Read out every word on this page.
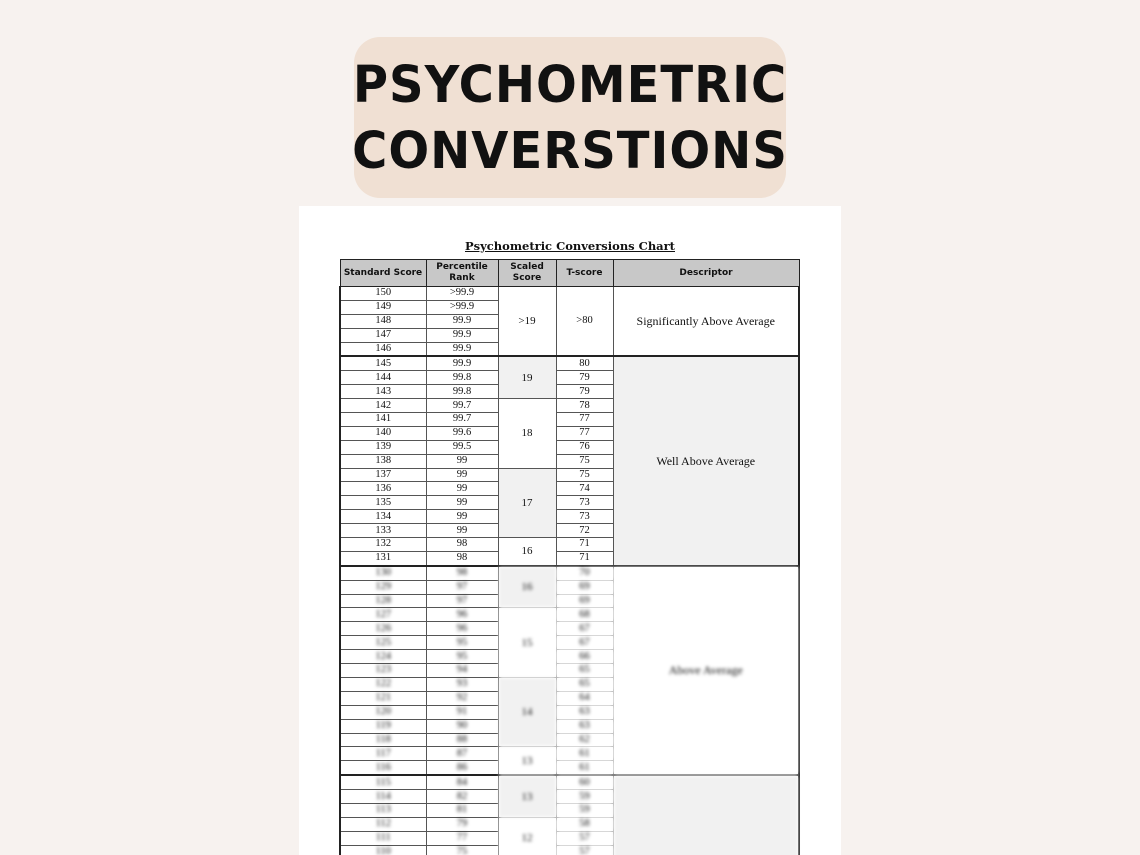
PSYCHOMETRIC
CONVERSTIONS
Psychometric Conversions Chart
Standard Score	Percentile Rank	Scaled Score	T-score	Descriptor
150	>99.9	>19	>80	Significantly Above Average
149	>99.9			
148	99.9			
147	99.9			
146	99.9			
145	99.9	19	80	Well Above Average
144	99.8		79	
143	99.8		79	
142	99.7	18	78	
141	99.7		77	
140	99.6		77	
139	99.5		76	
138	99		75	
137	99	17	75	
136	99		74	
135	99		73	
134	99		73	
133	99		72	
132	98	16	71	
131	98		71	
130	98	16	70	Above Average
129	97		69	
128	97		69	
127	96	15	68	
126	96		67	
125	95		67	
124	95		66	
123	94		65	
122	93	14	65	
121	92		64	
120	91		63	
119	90		63	
118	88		62	
117	87	13	61	
116	86		61	
115	84	13	60	
114	82		59	
113	81		59	
112	79	12	58	
111	77		57	
110	75		57	
